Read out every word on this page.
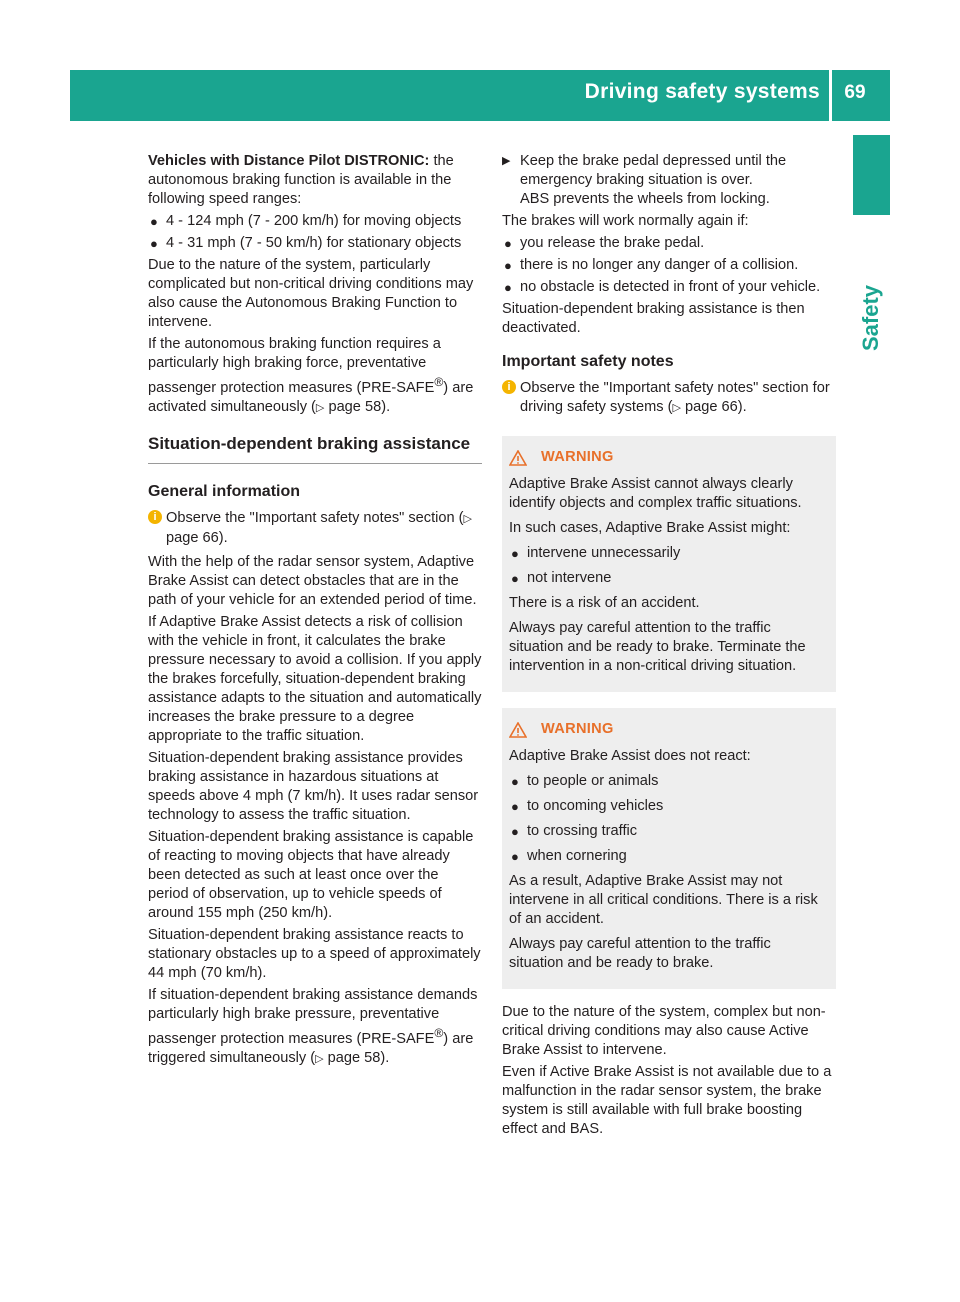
Driving safety systems 69
Safety

Vehicles with Distance Pilot DISTRONIC: the autonomous braking function is available in the following speed ranges:

● 4 - 124 mph (7 - 200 km/h) for moving objects
● 4 - 31 mph (7 - 50 km/h) for stationary objects

Due to the nature of the system, particularly complicated but non-critical driving conditions may also cause the Autonomous Braking Function to intervene.

If the autonomous braking function requires a particularly high braking force, preventative passenger protection measures (PRE-SAFE®) are activated simultaneously (▷ page 58).

Situation-dependent braking assistance
General information
i Observe the "Important safety notes" section (▷ page 66).

With the help of the radar sensor system, Adaptive Brake Assist can detect obstacles that are in the path of your vehicle for an extended period of time.

If Adaptive Brake Assist detects a risk of collision with the vehicle in front, it calculates the brake pressure necessary to avoid a collision. If you apply the brakes forcefully, situation-dependent braking assistance adapts to the situation and automatically increases the brake pressure to a degree appropriate to the traffic situation.

Situation-dependent braking assistance provides braking assistance in hazardous situations at speeds above 4 mph (7 km/h). It uses radar sensor technology to assess the traffic situation.

Situation-dependent braking assistance is capable of reacting to moving objects that have already been detected as such at least once over the period of observation, up to vehicle speeds of around 155 mph (250 km/h).

Situation-dependent braking assistance reacts to stationary obstacles up to a speed of approximately 44 mph (70 km/h).

If situation-dependent braking assistance demands particularly high brake pressure, preventative passenger protection measures (PRE-SAFE®) are triggered simultaneously (▷ page 58).

▶ Keep the brake pedal depressed until the emergency braking situation is over.
ABS prevents the wheels from locking.

The brakes will work normally again if:

● you release the brake pedal.
● there is no longer any danger of a collision.
● no obstacle is detected in front of your vehicle.

Situation-dependent braking assistance is then deactivated.

Important safety notes
i Observe the "Important safety notes" section for driving safety systems (▷ page 66).
WARNING

Adaptive Brake Assist cannot always clearly identify objects and complex traffic situations.

In such cases, Adaptive Brake Assist might:

● intervene unnecessarily
● not intervene

There is a risk of an accident.

Always pay careful attention to the traffic situation and be ready to brake. Terminate the intervention in a non-critical driving situation.

WARNING

Adaptive Brake Assist does not react:

● to people or animals
● to oncoming vehicles
● to crossing traffic
● when cornering

As a result, Adaptive Brake Assist may not intervene in all critical conditions. There is a risk of an accident.

Always pay careful attention to the traffic situation and be ready to brake.

Due to the nature of the system, complex but non-critical driving conditions may also cause Active Brake Assist to intervene.

Even if Active Brake Assist is not available due to a malfunction in the radar sensor system, the brake system is still available with full brake boosting effect and BAS.
